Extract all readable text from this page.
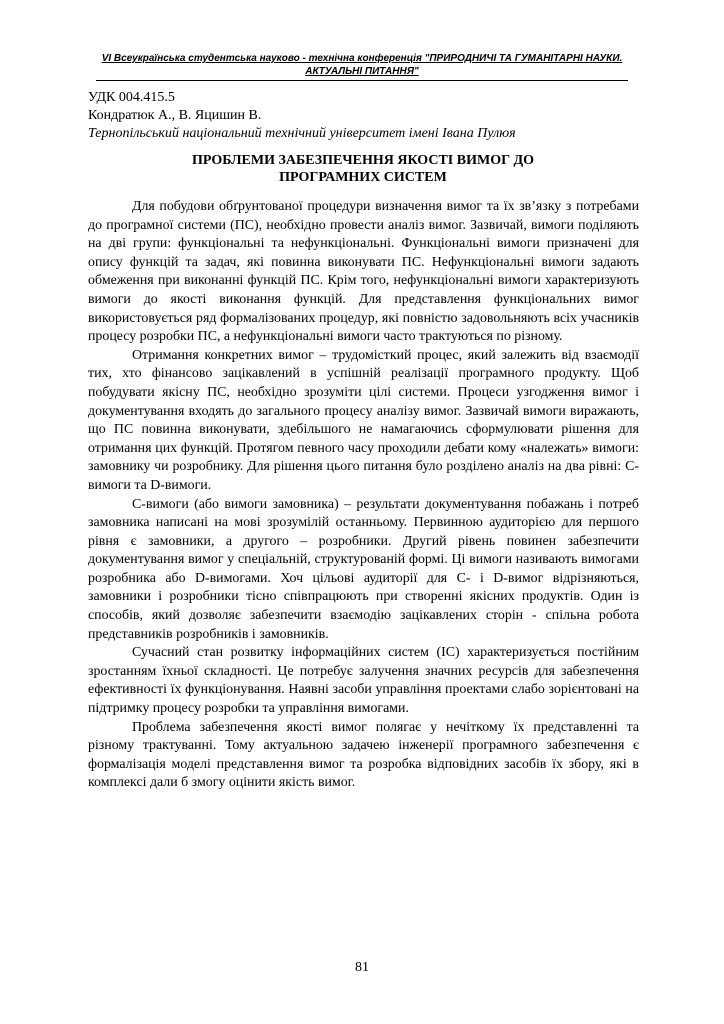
VI Всеукраїнська студентська науково - технічна конференція "ПРИРОДНИЧІ ТА ГУМАНІТАРНІ НАУКИ.
АКТУАЛЬНІ ПИТАННЯ"
УДК 004.415.5
Кондратюк А., В. Яцишин В.
Тернопільський національний технічний університет імені Івана Пулюя
ПРОБЛЕМИ ЗАБЕЗПЕЧЕННЯ ЯКОСТІ ВИМОГ ДО
ПРОГРАМНИХ СИСТЕМ

Для побудови обґрунтованої процедури визначення вимог та їх зв’язку з потребами до програмної системи (ПС), необхідно провести аналіз вимог. Зазвичай, вимоги поділяють на дві групи: функціональні та нефункціональні. Функціональні вимоги призначені для опису функцій та задач, які повинна виконувати ПС. Нефункціональні вимоги задають обмеження при виконанні функцій ПС. Крім того, нефункціональні вимоги характеризують вимоги до якості виконання функцій. Для представлення функціональних вимог використовується ряд формалізованих процедур, які повністю задовольняють всіх учасників процесу розробки ПС, а нефункціональні вимоги часто трактуються по різному.

Отримання конкретних вимог – трудомісткий процес, який залежить від взаємодії тих, хто фінансово зацікавлений в успішній реалізації програмного продукту. Щоб побудувати якісну ПС, необхідно зрозуміти цілі системи. Процеси узгодження вимог і документування входять до загального процесу аналізу вимог. Зазвичай вимоги виражають, що ПС повинна виконувати, здебільшого не намагаючись сформулювати рішення для отримання цих функцій. Протягом певного часу проходили дебати кому «належать» вимоги: замовнику чи розробнику. Для рішення цього питання було розділено аналіз на два рівні: С-вимоги та D-вимоги.

С-вимоги (або вимоги замовника) – результати документування побажань і потреб замовника написані на мові зрозумілій останньому. Первинною аудиторією для першого рівня є замовники, а другого – розробники. Другий рівень повинен забезпечити документування вимог у спеціальній, структурованій формі. Ці вимоги називають вимогами розробника або D-вимогами. Хоч цільові аудиторії для С- і D-вимог відрізняються, замовники і розробники тісно співпрацюють при створенні якісних продуктів. Один із способів, який дозволяє забезпечити взаємодію зацікавлених сторін - спільна робота представників розробників і замовників.

Сучасний стан розвитку інформаційних систем (ІС) характеризується постійним зростанням їхньої складності. Це потребує залучення значних ресурсів для забезпечення ефективності їх функціонування. Наявні засоби управління проектами слабо зорієнтовані на підтримку процесу розробки та управління вимогами.

Проблема забезпечення якості вимог полягає у нечіткому їх представленні та різному трактуванні. Тому актуальною задачею інженерії програмного забезпечення є формалізація моделі представлення вимог та розробка відповідних засобів їх збору, які в комплексі дали б змогу оцінити якість вимог.

81
